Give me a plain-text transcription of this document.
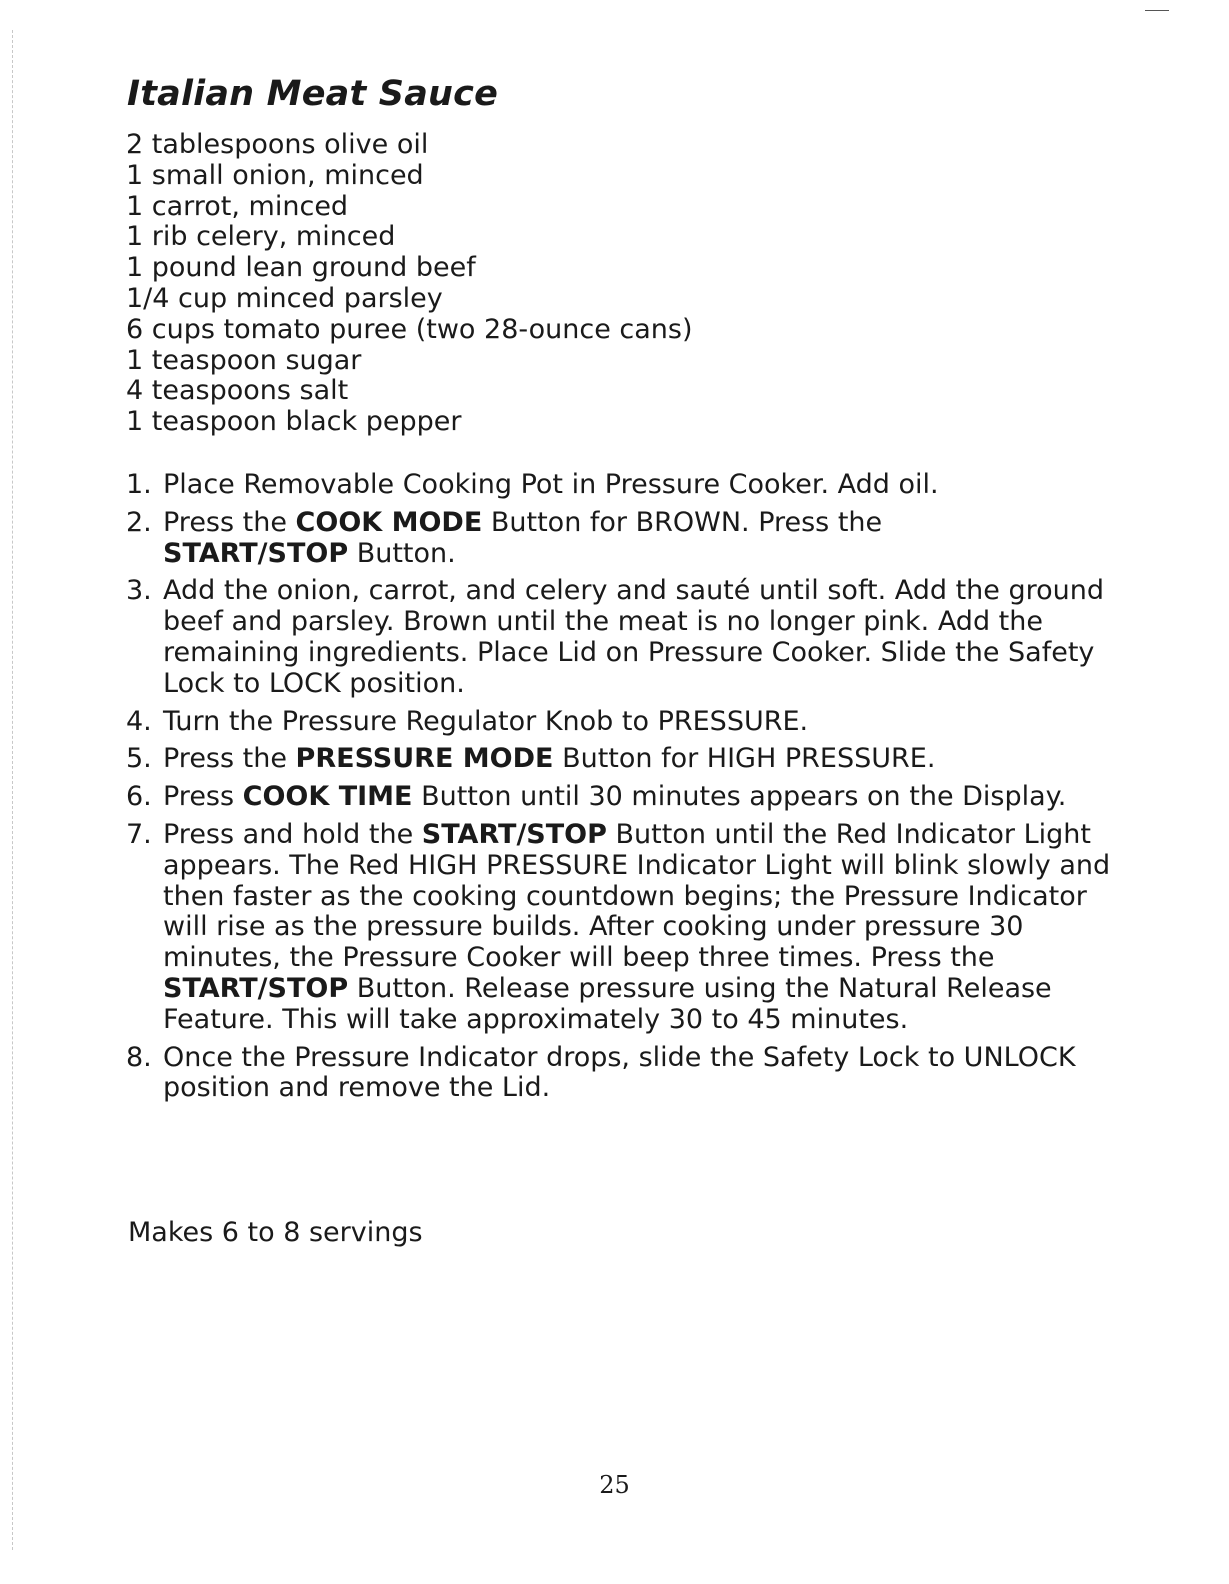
Italian Meat Sauce
2 tablespoons olive oil
1 small onion, minced
1 carrot, minced
1 rib celery, minced
1 pound lean ground beef
1/4 cup minced parsley
6 cups tomato puree (two 28-ounce cans)
1 teaspoon sugar
4 teaspoons salt
1 teaspoon black pepper
1. Place Removable Cooking Pot in Pressure Cooker. Add oil.
2. Press the COOK MODE Button for BROWN. Press the
START/STOP Button.
3. Add the onion, carrot, and celery and sauté until soft. Add the ground beef and parsley. Brown until the meat is no longer pink. Add the remaining ingredients. Place Lid on Pressure Cooker. Slide the Safety Lock to LOCK position.
4. Turn the Pressure Regulator Knob to PRESSURE.
5. Press the PRESSURE MODE Button for HIGH PRESSURE.
6. Press COOK TIME Button until 30 minutes appears on the Display.
7. Press and hold the START/STOP Button until the Red Indicator Light appears. The Red HIGH PRESSURE Indicator Light will blink slowly and then faster as the cooking countdown begins; the Pressure Indicator will rise as the pressure builds. After cooking under pressure 30 minutes, the Pressure Cooker will beep three times. Press the START/STOP Button. Release pressure using the Natural Release Feature. This will take approximately 30 to 45 minutes.
8. Once the Pressure Indicator drops, slide the Safety Lock to UNLOCK position and remove the Lid.

Makes 6 to 8 servings

25
